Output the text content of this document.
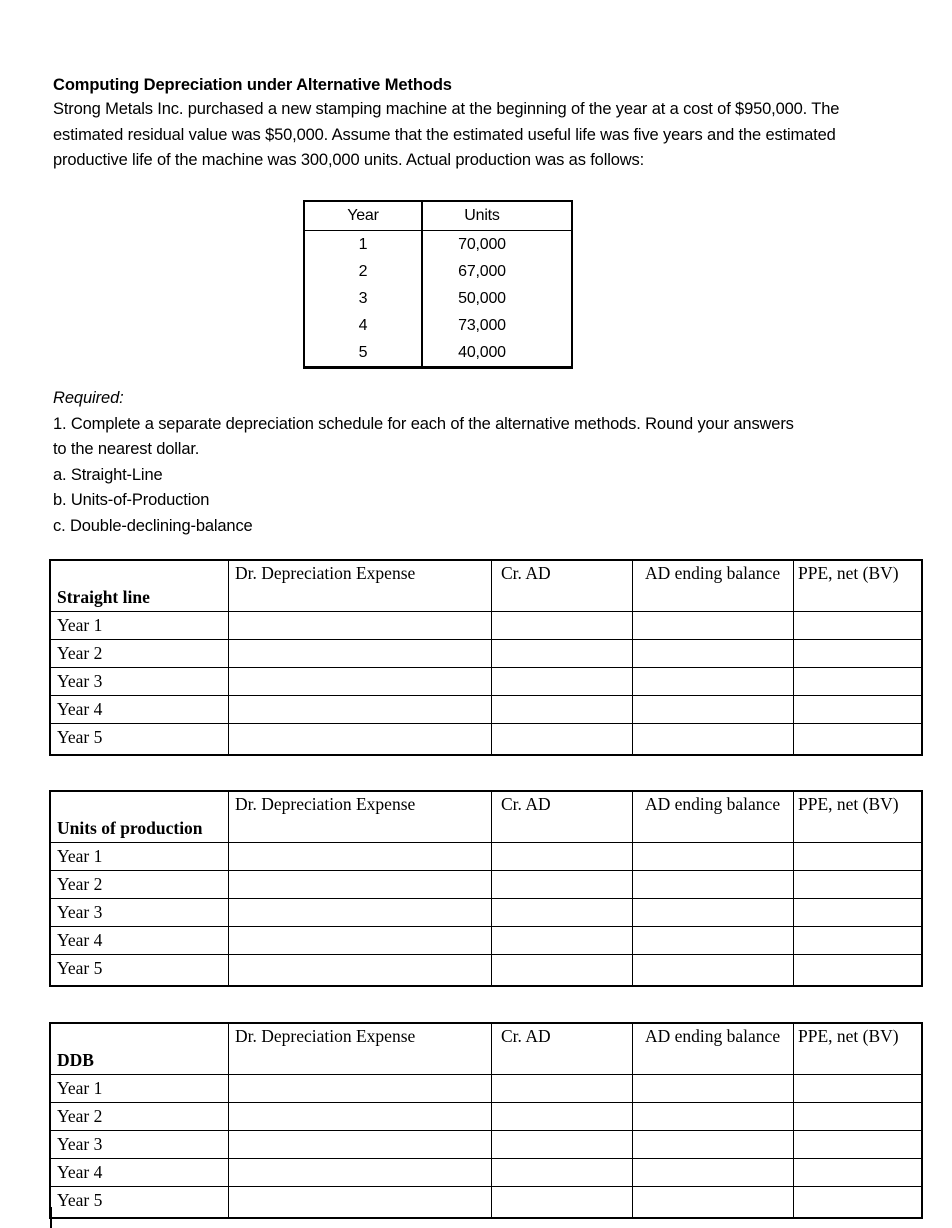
Computing Depreciation under Alternative Methods
Strong Metals Inc. purchased a new stamping machine at the beginning of the year at a cost of $950,000. The estimated residual value was $50,000. Assume that the estimated useful life was five years and the estimated productive life of the machine was 300,000 units. Actual production was as follows:
Year	Units
1	70,000
2	67,000
3	50,000
4	73,000
5	40,000
Required:
1. Complete a separate depreciation schedule for each of the alternative methods. Round your answers
to the nearest dollar.
a. Straight-Line
b. Units-of-Production
c. Double-declining-balance
Straight line	Dr. Depreciation Expense	Cr. AD	AD ending balance	PPE, net (BV)
Year 1				
Year 2				
Year 3				
Year 4				
Year 5				
Units of production	Dr. Depreciation Expense	Cr. AD	AD ending balance	PPE, net (BV)
Year 1				
Year 2				
Year 3				
Year 4				
Year 5				
DDB	Dr. Depreciation Expense	Cr. AD	AD ending balance	PPE, net (BV)
Year 1				
Year 2				
Year 3				
Year 4				
Year 5				
